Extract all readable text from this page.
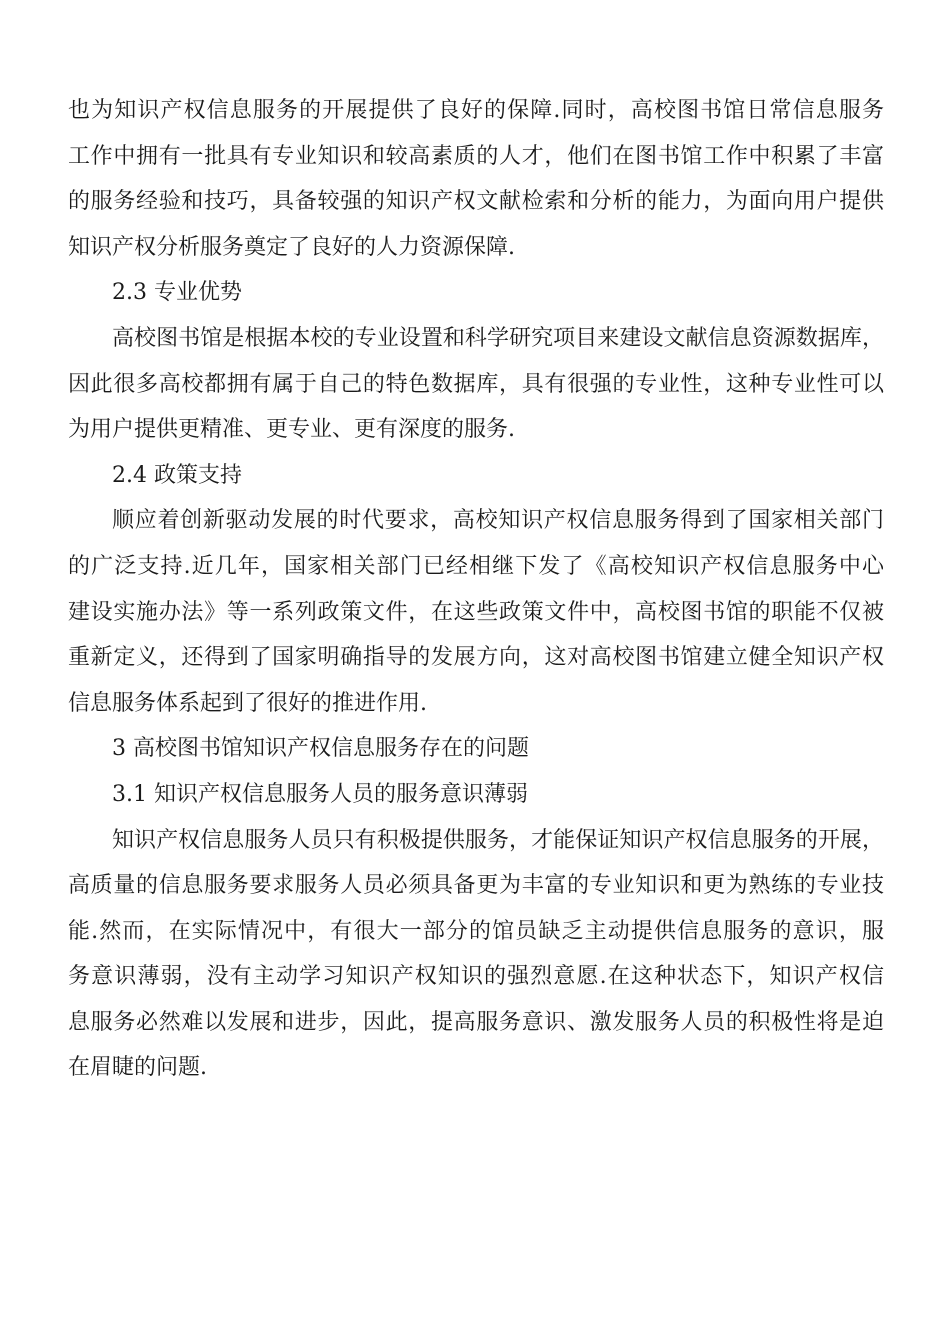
也为知识产权信息服务的开展提供了良好的保障.同时，高校图书馆日常信息服务
工作中拥有一批具有专业知识和较高素质的人才，他们在图书馆工作中积累了丰富
的服务经验和技巧，具备较强的知识产权文献检索和分析的能力，为面向用户提供
知识产权分析服务奠定了良好的人力资源保障.
2.3 专业优势
高校图书馆是根据本校的专业设置和科学研究项目来建设文献信息资源数据库，
因此很多高校都拥有属于自己的特色数据库，具有很强的专业性，这种专业性可以
为用户提供更精准、更专业、更有深度的服务.
2.4 政策支持
顺应着创新驱动发展的时代要求，高校知识产权信息服务得到了国家相关部门
的广泛支持.近几年，国家相关部门已经相继下发了《高校知识产权信息服务中心
建设实施办法》等一系列政策文件，在这些政策文件中，高校图书馆的职能不仅被
重新定义，还得到了国家明确指导的发展方向，这对高校图书馆建立健全知识产权
信息服务体系起到了很好的推进作用.
3 高校图书馆知识产权信息服务存在的问题
3.1 知识产权信息服务人员的服务意识薄弱
知识产权信息服务人员只有积极提供服务，才能保证知识产权信息服务的开展，
高质量的信息服务要求服务人员必须具备更为丰富的专业知识和更为熟练的专业技
能.然而，在实际情况中，有很大一部分的馆员缺乏主动提供信息服务的意识，服
务意识薄弱，没有主动学习知识产权知识的强烈意愿.在这种状态下，知识产权信
息服务必然难以发展和进步，因此，提高服务意识、激发服务人员的积极性将是迫
在眉睫的问题.
